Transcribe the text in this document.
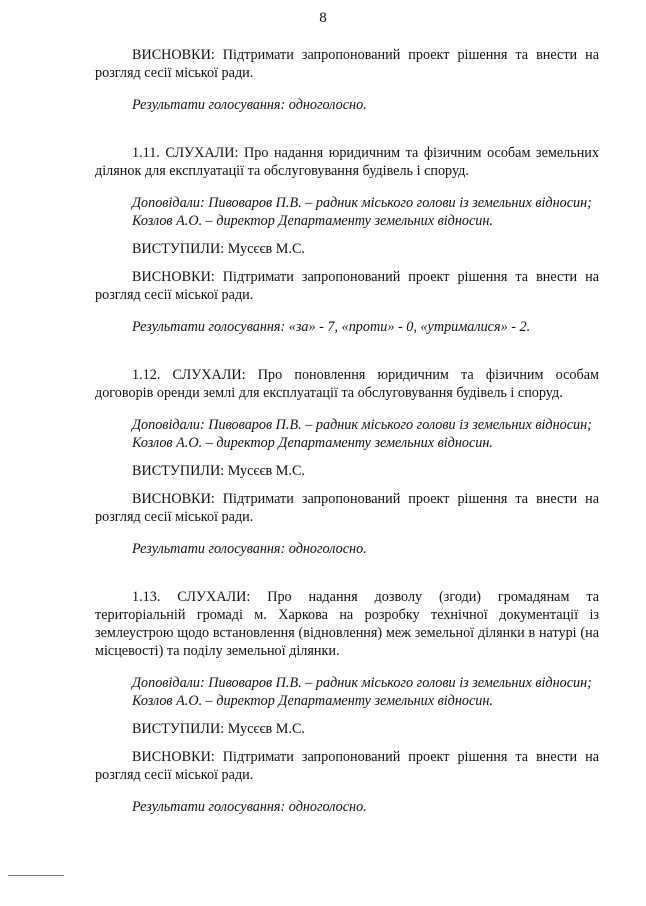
8

ВИСНОВКИ: Підтримати запропонований проект рішення та внести на розгляд сесії міської ради.

Результати голосування: одноголосно.

1.11. СЛУХАЛИ: Про надання юридичним та фізичним особам земельних ділянок для експлуатації та обслуговування будівель і споруд.

Доповідали: Пивоваров П.В. – радник міського голови із земельних відносин;

Козлов А.О. – директор Департаменту земельних відносин.

ВИСТУПИЛИ: Мусєєв М.С.

ВИСНОВКИ: Підтримати запропонований проект рішення та внести на розгляд сесії міської ради.

Результати голосування: «за» - 7, «проти» - 0, «утрималися» - 2.

1.12. СЛУХАЛИ: Про поновлення юридичним та фізичним особам договорів оренди землі для експлуатації та обслуговування будівель і споруд.

Доповідали: Пивоваров П.В. – радник міського голови із земельних відносин;

Козлов А.О. – директор Департаменту земельних відносин.

ВИСТУПИЛИ: Мусєєв М.С.

ВИСНОВКИ: Підтримати запропонований проект рішення та внести на розгляд сесії міської ради.

Результати голосування: одноголосно.

1.13. СЛУХАЛИ: Про надання дозволу (згоди) громадянам та територіальній громаді м. Харкова на розробку технічної документації із землеустрою щодо встановлення (відновлення) меж земельної ділянки в натурі (на місцевості) та поділу земельної ділянки.

Доповідали: Пивоваров П.В. – радник міського голови із земельних відносин;

Козлов А.О. – директор Департаменту земельних відносин.

ВИСТУПИЛИ: Мусєєв М.С.

ВИСНОВКИ: Підтримати запропонований проект рішення та внести на розгляд сесії міської ради.

Результати голосування: одноголосно.
